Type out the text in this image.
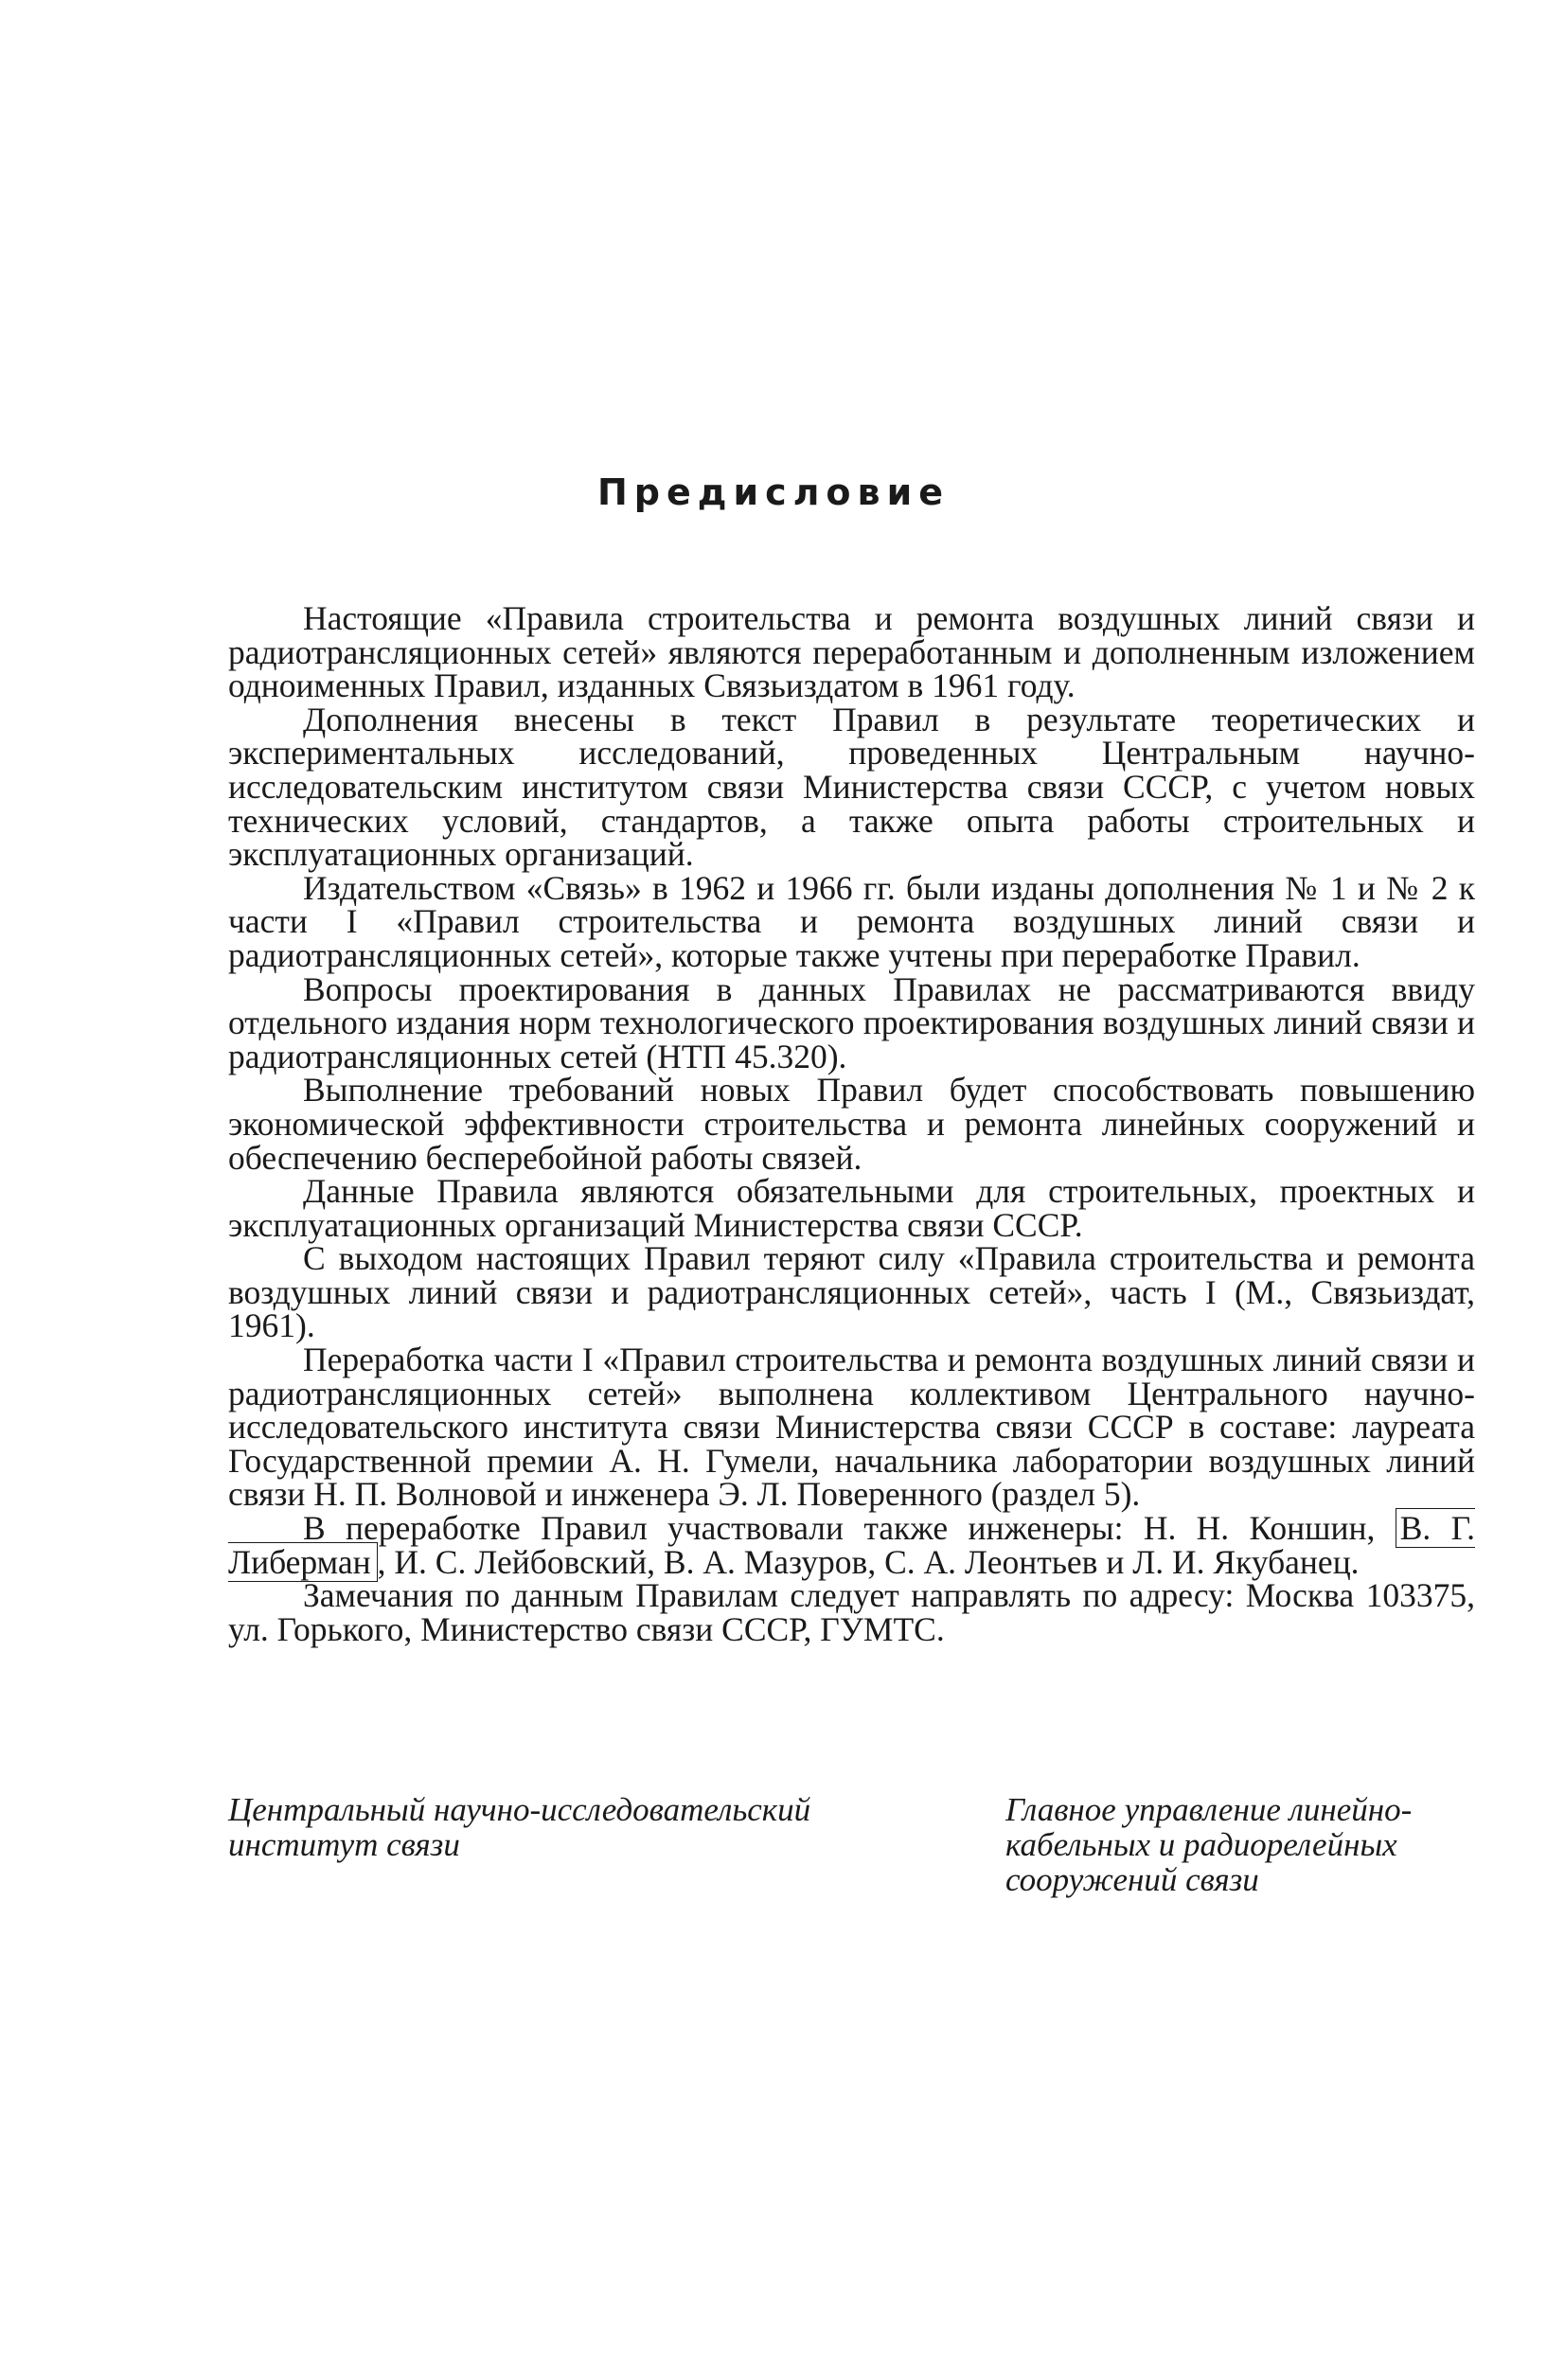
Предисловие

Настоящие «Правила строительства и ремонта воздушных линий связи и радиотрансляционных сетей» являются переработанным и дополненным изложением одноименных Правил, изданных Связьиздатом в 1961 году.

Дополнения внесены в текст Правил в результате теоретических и экспериментальных исследований, проведенных Центральным научно-исследовательским институтом связи Министерства связи СССР, с учетом новых технических условий, стандартов, а также опыта работы строительных и эксплуатационных организаций.

Издательством «Связь» в 1962 и 1966 гг. были изданы дополнения № 1 и № 2 к части I «Правил строительства и ремонта воздушных линий связи и радиотрансляционных сетей», которые также учтены при переработке Правил.

Вопросы проектирования в данных Правилах не рассматриваются ввиду отдельного издания норм технологического проектирования воздушных линий связи и радиотрансляционных сетей (НТП 45.320).

Выполнение требований новых Правил будет способствовать повышению экономической эффективности строительства и ремонта линейных сооружений и обеспечению бесперебойной работы связей.

Данные Правила являются обязательными для строительных, проектных и эксплуатационных организаций Министерства связи СССР.

С выходом настоящих Правил теряют силу «Правила строительства и ремонта воздушных линий связи и радиотрансляционных сетей», часть I (М., Связьиздат, 1961).

Переработка части I «Правил строительства и ремонта воздушных линий связи и радиотрансляционных сетей» выполнена коллективом Центрального научно-исследовательского института связи Министерства связи СССР в составе: лауреата Государственной премии А. Н. Гумели, начальника лаборатории воздушных линий связи Н. П. Волновой и инженера Э. Л. Поверенного (раздел 5).

В переработке Правил участвовали также инженеры: Н. Н. Коншин, В. Г. Либерман , И. С. Лейбовский, В. А. Мазуров, С. А. Леонтьев и Л. И. Якубанец.

Замечания по данным Правилам следует направлять по адресу: Москва 103375, ул. Горького, Министерство связи СССР, ГУМТС.

Центральный научно-исследовательский
институт связи
Главное управление линейно-
кабельных и радиорелейных
сооружений связи
